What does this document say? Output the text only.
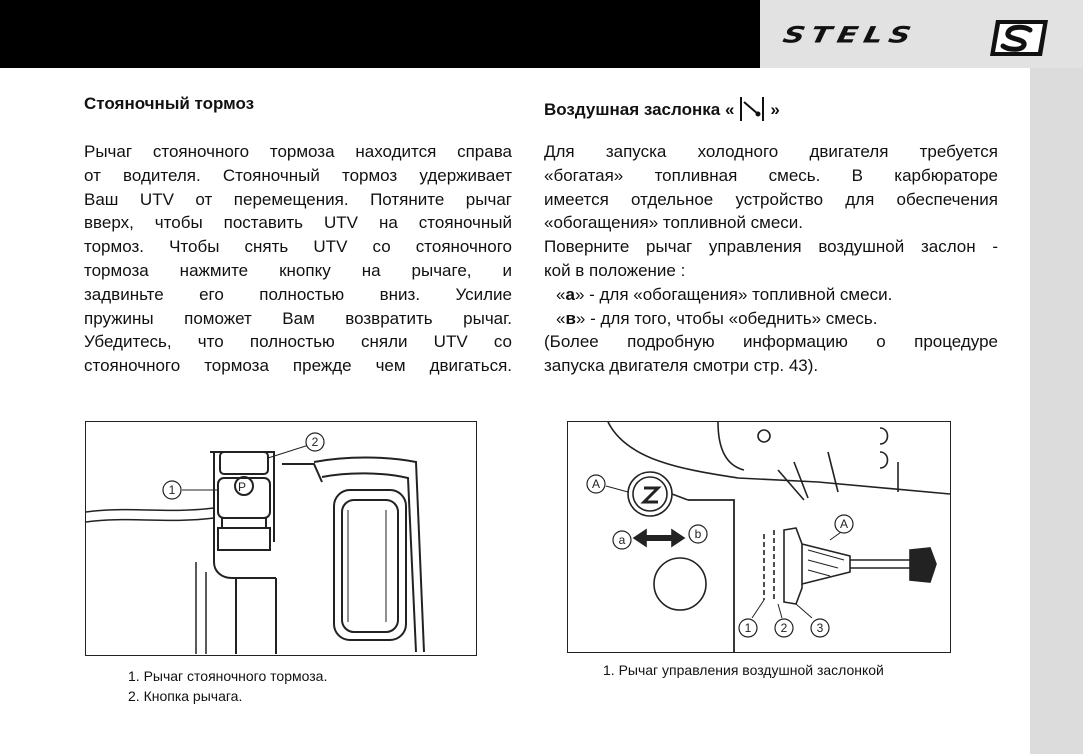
STELS
Стояночный тормоз
Рычаг стояночного тормоза находится справа
от водителя. Стояночный тормоз удерживает
Ваш UTV от перемещения. Потяните рычаг
вверх, чтобы поставить UTV на стояночный
тормоз. Чтобы снять UTV со стояночного
тормоза нажмите кнопку на рычаге, и
задвиньте его полностью вниз. Усилие
пружины поможет Вам возвратить рычаг.
Убедитесь, что полностью сняли UTV со
стояночного тормоза прежде чем двигаться.
P
1
2
1. Рычаг стояночного тормоза.
2. Кнопка рычага.
Воздушная заслонка « »
Для запуска холодного двигателя требуется
«богатая» топливная смесь. В карбюраторе
имеется отдельное устройство для обеспечения
«обогащения» топливной смеси.
Поверните рычаг управления воздушной заслон -
кой в положение :
«а» - для «обогащения» топливной смеси.
«в» - для того, чтобы «обеднить» смесь.
(Более подробную информацию о процедуре
запуска двигателя смотри стр. 43).
A
a	b
A
1 2 3
1. Рычаг управления воздушной заслонкой
